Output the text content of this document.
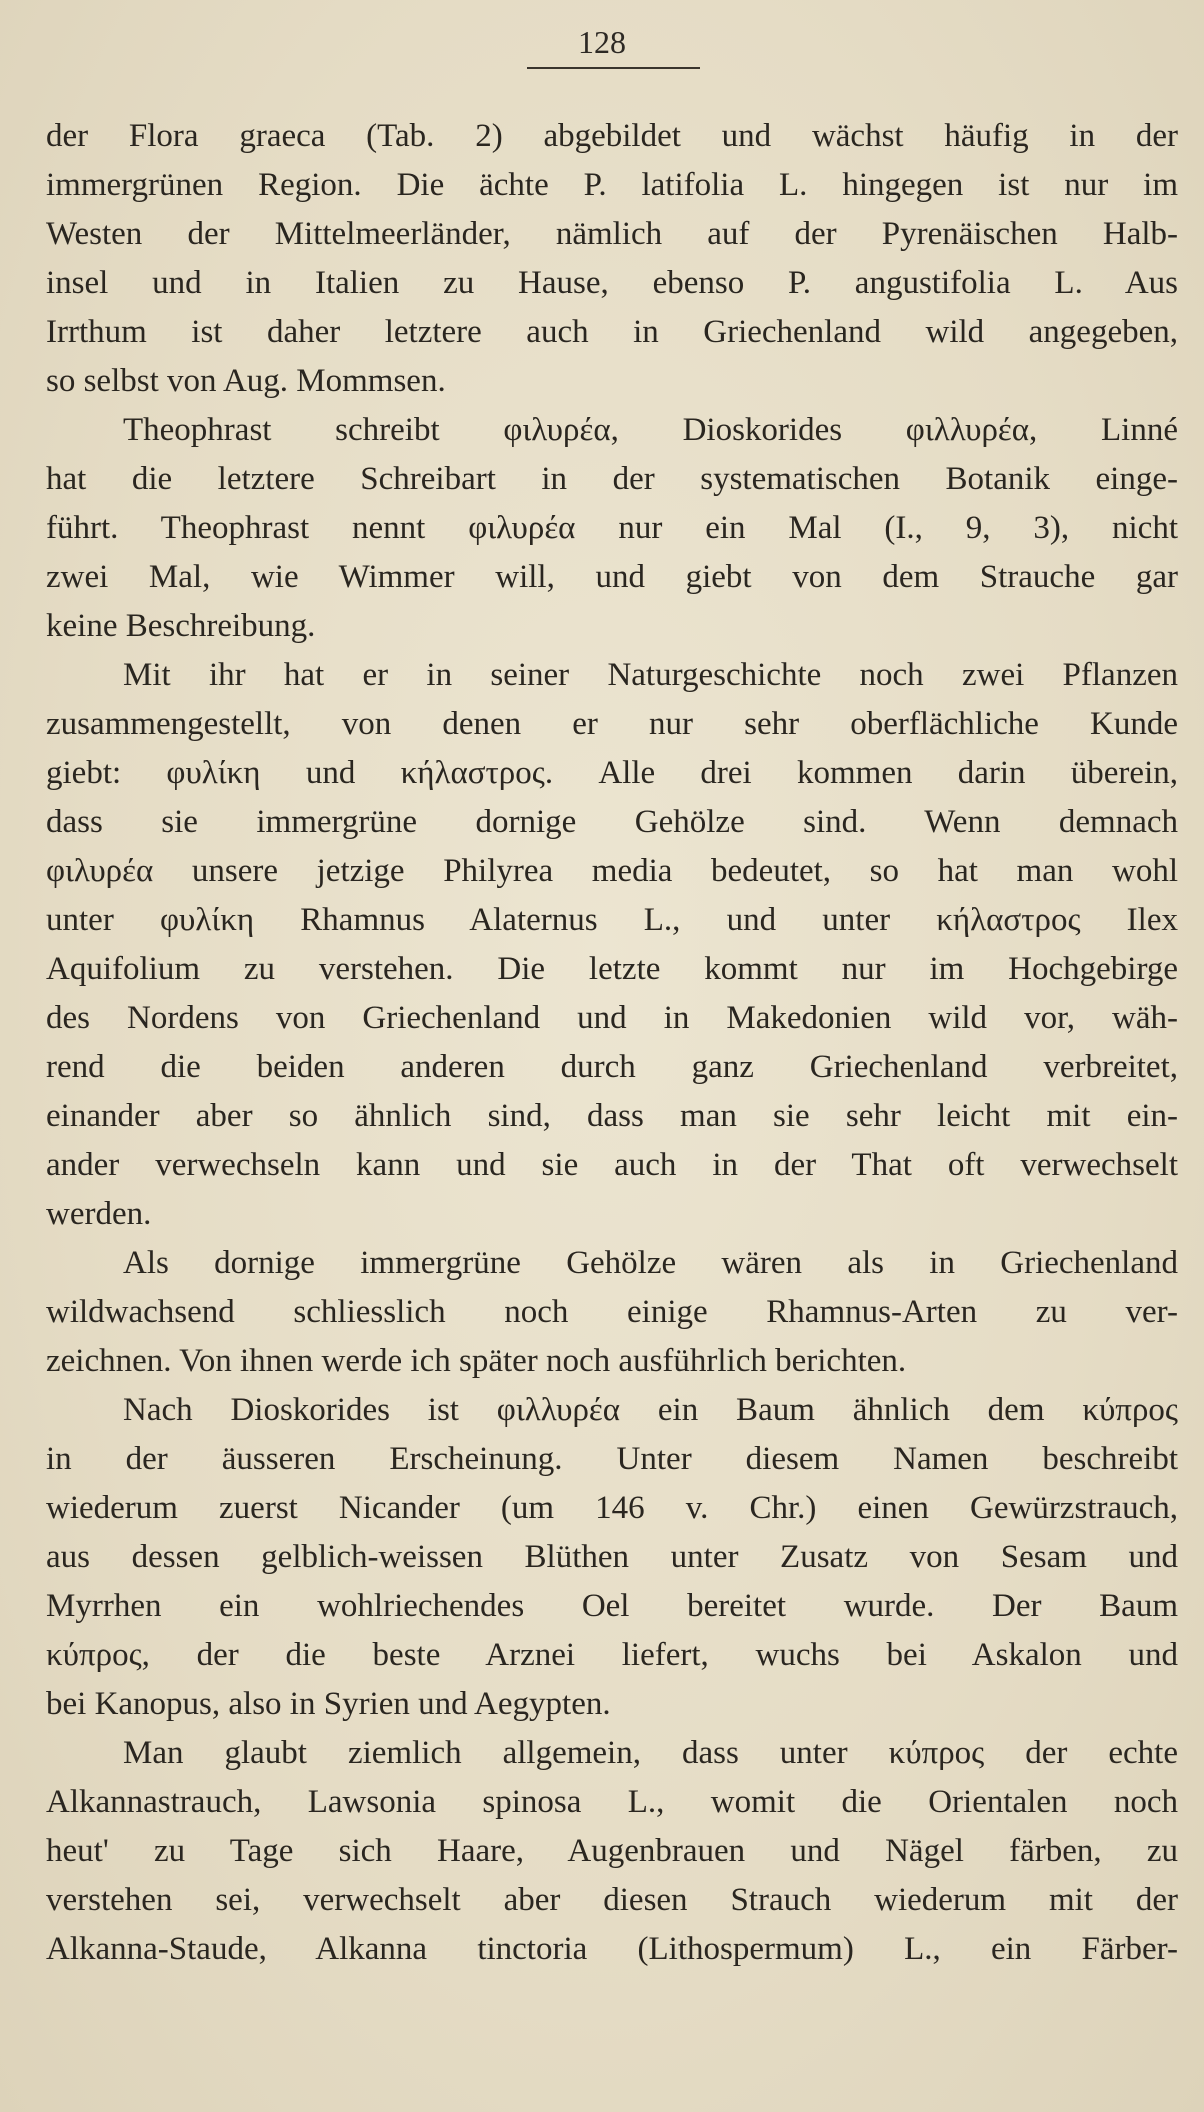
128
der Flora graeca (Tab. 2) abgebildet und wächst häufig in der
immergrünen Region. Die ächte P. latifolia L. hingegen ist nur im
Westen der Mittelmeerländer, nämlich auf der Pyrenäischen Halb-
insel und in Italien zu Hause, ebenso P. angustifolia L. Aus
Irrthum ist daher letztere auch in Griechenland wild angegeben,
so selbst von Aug. Mommsen.
Theophrast schreibt φιλυρέα, Dioskorides φιλλυρέα, Linné
hat die letztere Schreibart in der systematischen Botanik einge-
führt. Theophrast nennt φιλυρέα nur ein Mal (I., 9, 3), nicht
zwei Mal, wie Wimmer will, und giebt von dem Strauche gar
keine Beschreibung.
Mit ihr hat er in seiner Naturgeschichte noch zwei Pflanzen
zusammengestellt, von denen er nur sehr oberflächliche Kunde
giebt: φυλίκη und κήλαστρος. Alle drei kommen darin überein,
dass sie immergrüne dornige Gehölze sind. Wenn demnach
φιλυρέα unsere jetzige Philyrea media bedeutet, so hat man wohl
unter φυλίκη Rhamnus Alaternus L., und unter κήλαστρος Ilex
Aquifolium zu verstehen. Die letzte kommt nur im Hochgebirge
des Nordens von Griechenland und in Makedonien wild vor, wäh-
rend die beiden anderen durch ganz Griechenland verbreitet,
einander aber so ähnlich sind, dass man sie sehr leicht mit ein-
ander verwechseln kann und sie auch in der That oft verwechselt
werden.
Als dornige immergrüne Gehölze wären als in Griechenland
wildwachsend schliesslich noch einige Rhamnus-Arten zu ver-
zeichnen. Von ihnen werde ich später noch ausführlich berichten.
Nach Dioskorides ist φιλλυρέα ein Baum ähnlich dem κύπρος
in der äusseren Erscheinung. Unter diesem Namen beschreibt
wiederum zuerst Nicander (um 146 v. Chr.) einen Gewürzstrauch,
aus dessen gelblich-weissen Blüthen unter Zusatz von Sesam und
Myrrhen ein wohlriechendes Oel bereitet wurde. Der Baum
κύπρος, der die beste Arznei liefert, wuchs bei Askalon und
bei Kanopus, also in Syrien und Aegypten.
Man glaubt ziemlich allgemein, dass unter κύπρος der echte
Alkannastrauch, Lawsonia spinosa L., womit die Orientalen noch
heut' zu Tage sich Haare, Augenbrauen und Nägel färben, zu
verstehen sei, verwechselt aber diesen Strauch wiederum mit der
Alkanna-Staude, Alkanna tinctoria (Lithospermum) L., ein Färber-
